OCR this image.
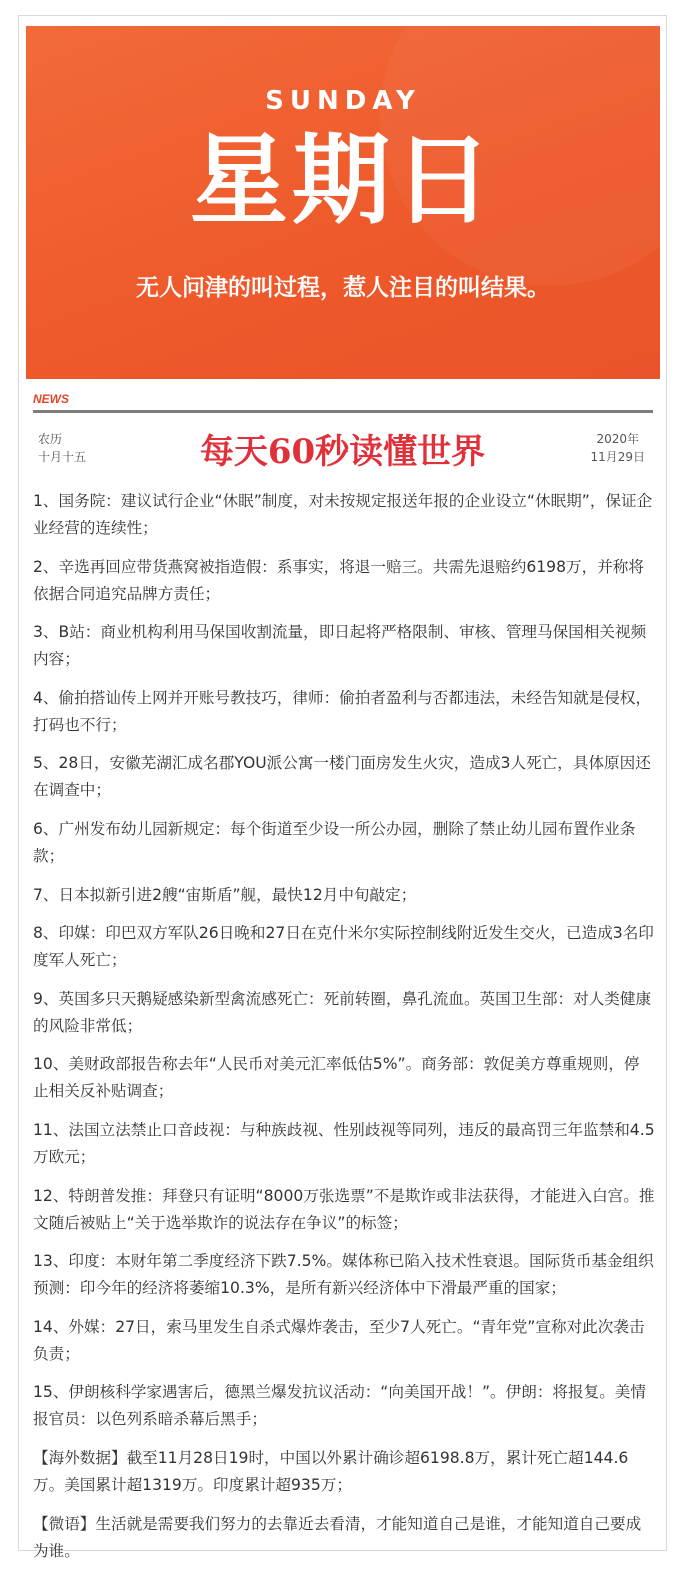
SUNDAY
星期日
无人问津的叫过程，惹人注目的叫结果。
NEWS
农历
十月十五	每天60秒读懂世界	2020年
11月29日
1、国务院：建议试行企业“休眠”制度，对未按规定报送年报的企业设立“休眠期”，保证企业经营的连续性；
2、辛选再回应带货燕窝被指造假：系事实，将退一赔三。共需先退赔约6198万，并称将依据合同追究品牌方责任；
3、B站：商业机构利用马保国收割流量，即日起将严格限制、审核、管理马保国相关视频内容；
4、偷拍搭讪传上网并开账号教技巧，律师：偷拍者盈利与否都违法，未经告知就是侵权，打码也不行；
5、28日，安徽芜湖汇成名郡YOU派公寓一楼门面房发生火灾，造成3人死亡，具体原因还在调查中；
6、广州发布幼儿园新规定：每个街道至少设一所公办园，删除了禁止幼儿园布置作业条款；
7、日本拟新引进2艘“宙斯盾”舰，最快12月中旬敲定；
8、印媒：印巴双方军队26日晚和27日在克什米尔实际控制线附近发生交火，已造成3名印度军人死亡；
9、英国多只天鹅疑感染新型禽流感死亡：死前转圈，鼻孔流血。英国卫生部：对人类健康的风险非常低；
10、美财政部报告称去年“人民币对美元汇率低估5%”。商务部：敦促美方尊重规则，停止相关反补贴调查；
11、法国立法禁止口音歧视：与种族歧视、性别歧视等同列，违反的最高罚三年监禁和4.5万欧元；
12、特朗普发推：拜登只有证明“8000万张选票”不是欺诈或非法获得，才能进入白宫。推文随后被贴上“关于选举欺诈的说法存在争议”的标签；
13、印度：本财年第二季度经济下跌7.5%。媒体称已陷入技术性衰退。国际货币基金组织预测：印今年的经济将萎缩10.3%，是所有新兴经济体中下滑最严重的国家；
14、外媒：27日，索马里发生自杀式爆炸袭击，至少7人死亡。“青年党”宣称对此次袭击负责；
15、伊朗核科学家遇害后，德黑兰爆发抗议活动：“向美国开战！”。伊朗：将报复。美情报官员：以色列系暗杀幕后黑手；
【海外数据】截至11月28日19时，中国以外累计确诊超6198.8万，累计死亡超144.6万。美国累计超1319万。印度累计超935万；
【微语】生活就是需要我们努力的去靠近去看清，才能知道自己是谁，才能知道自己要成为谁。
